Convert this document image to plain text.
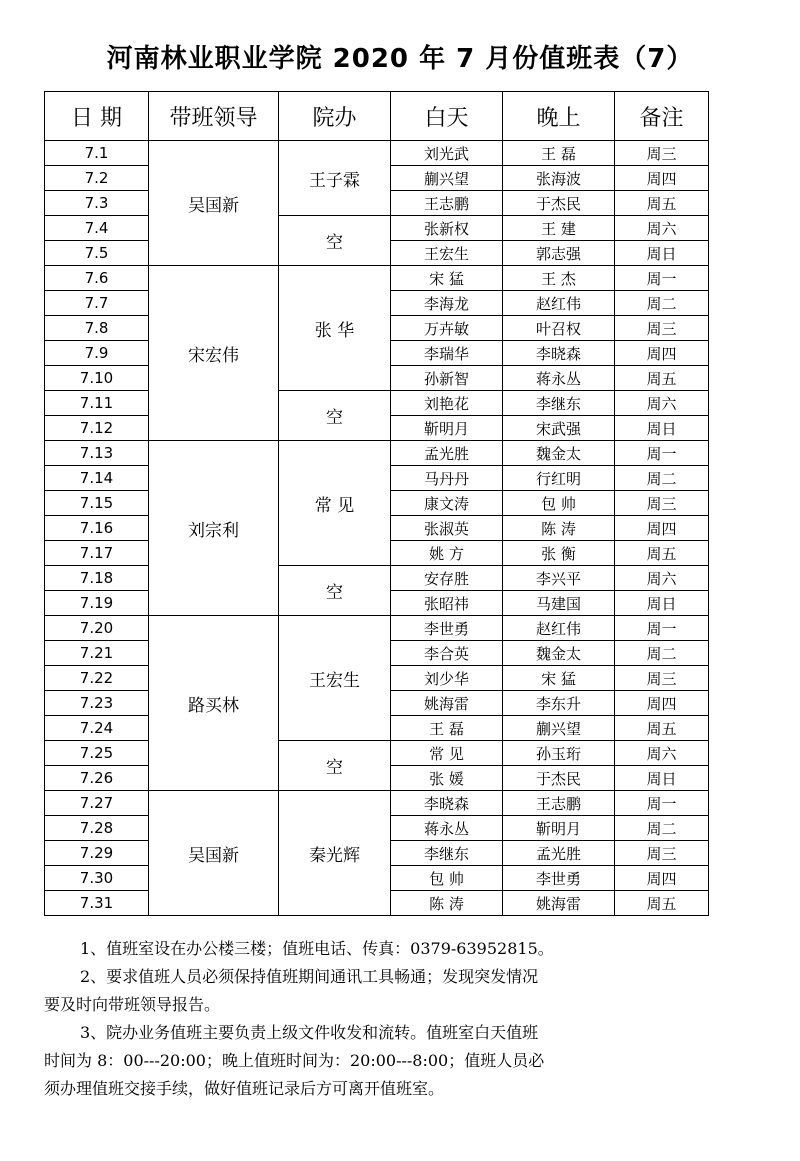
河南林业职业学院 2020 年 7 月份值班表（7）
日 期	带班领导	院办	白天	晚上	备注
7.1	吴国新	王子霖	刘光武	王 磊	周三
7.2			蒯兴望	张海波	周四
7.3			王志鹏	于杰民	周五
7.4		空	张新权	王 建	周六
7.5			王宏生	郭志强	周日
7.6	宋宏伟	张 华	宋 猛	王 杰	周一
7.7			李海龙	赵红伟	周二
7.8			万卉敏	叶召权	周三
7.9			李瑞华	李晓森	周四
7.10			孙新智	蒋永丛	周五
7.11		空	刘艳花	李继东	周六
7.12			靳明月	宋武强	周日
7.13	刘宗利	常 见	孟光胜	魏金太	周一
7.14			马丹丹	行红明	周二
7.15			康文涛	包 帅	周三
7.16			张淑英	陈 涛	周四
7.17			姚 方	张 衡	周五
7.18		空	安存胜	李兴平	周六
7.19			张昭祎	马建国	周日
7.20	路买林	王宏生	李世勇	赵红伟	周一
7.21			李合英	魏金太	周二
7.22			刘少华	宋 猛	周三
7.23			姚海雷	李东升	周四
7.24			王 磊	蒯兴望	周五
7.25		空	常 见	孙玉珩	周六
7.26			张 媛	于杰民	周日
7.27	吴国新	秦光辉	李晓森	王志鹏	周一
7.28			蒋永丛	靳明月	周二
7.29			李继东	孟光胜	周三
7.30			包 帅	李世勇	周四
7.31			陈 涛	姚海雷	周五

1、值班室设在办公楼三楼；值班电话、传真：0379-63952815。

2、要求值班人员必须保持值班期间通讯工具畅通；发现突发情况

要及时向带班领导报告。

3、院办业务值班主要负责上级文件收发和流转。值班室白天值班

时间为 8：00---20:00；晚上值班时间为：20:00---8:00；值班人员必

须办理值班交接手续，做好值班记录后方可离开值班室。
